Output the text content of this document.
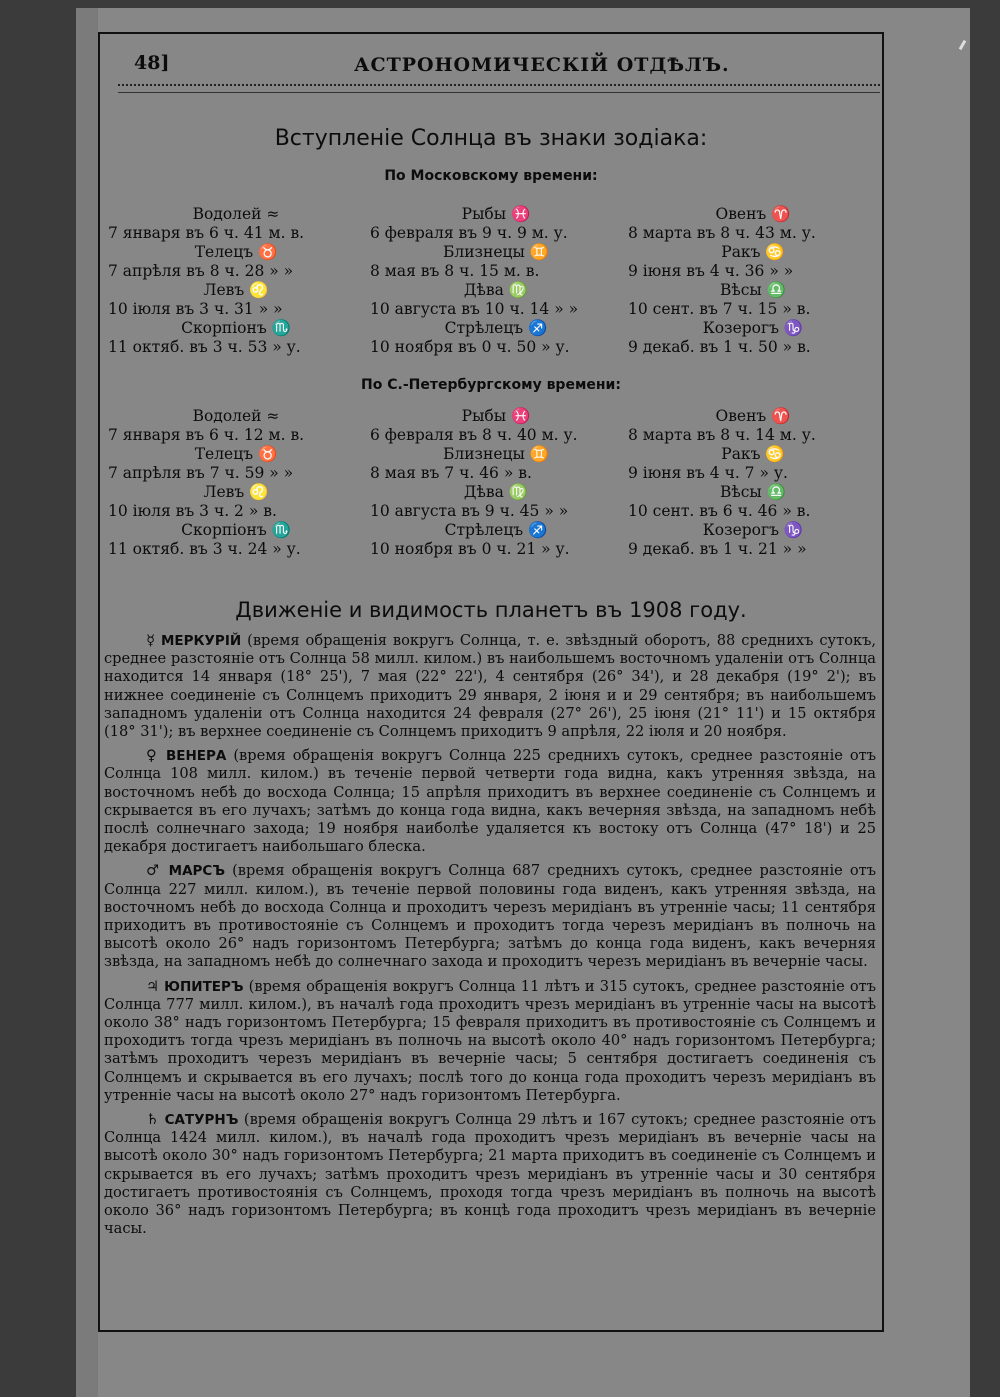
48]	АСТРОНОМИЧЕСКІЙ ОТДѢЛЪ.
Вступленіе Солнца въ знаки зодіака:
По Московскому времени:
Водолей ≈	Рыбы ♓	Овенъ ♈
7 января въ 6 ч. 41 м. в.	6 февраля въ 9 ч. 9 м. у.	8 марта въ 8 ч. 43 м. у.
Телецъ ♉	Близнецы ♊	Ракъ ♋
7 апрѣля въ 8 ч. 28 » »	8 мая въ 8 ч. 15 м. в.	9 іюня въ 4 ч. 36 » »
Левъ ♌	Дѣва ♍	Вѣсы ♎
10 іюля въ 3 ч. 31 » »	10 августа въ 10 ч. 14 » »	10 сент. въ 7 ч. 15 » в.
Скорпіонъ ♏	Стрѣлецъ ♐	Козерогъ ♑
11 октяб. въ 3 ч. 53 » у.	10 ноября въ 0 ч. 50 » у.	9 декаб. въ 1 ч. 50 » в.
По С.-Петербургскому времени:
Водолей ≈	Рыбы ♓	Овенъ ♈
7 января въ 6 ч. 12 м. в.	6 февраля въ 8 ч. 40 м. у.	8 марта въ 8 ч. 14 м. у.
Телецъ ♉	Близнецы ♊	Ракъ ♋
7 апрѣля въ 7 ч. 59 » »	8 мая въ 7 ч. 46 » в.	9 іюня въ 4 ч. 7 » у.
Левъ ♌	Дѣва ♍	Вѣсы ♎
10 іюля въ 3 ч. 2 » в.	10 августа въ 9 ч. 45 » »	10 сент. въ 6 ч. 46 » в.
Скорпіонъ ♏	Стрѣлецъ ♐	Козерогъ ♑
11 октяб. въ 3 ч. 24 » у.	10 ноября въ 0 ч. 21 » у.	9 декаб. въ 1 ч. 21 » »
Движеніе и видимость планетъ въ 1908 году.

☿ МЕРКУРІЙ (время обращенія вокругъ Солнца, т. е. звѣздный оборотъ, 88 среднихъ сутокъ, среднее разстояніе отъ Солнца 58 милл. килом.) въ наибольшемъ восточномъ удаленіи отъ Солнца находится 14 января (18° 25'), 7 мая (22° 22'), 4 сентября (26° 34'), и 28 декабря (19° 2'); въ нижнее соединеніе съ Солнцемъ приходитъ 29 января, 2 іюня и и 29 сентября; въ наибольшемъ западномъ удаленіи отъ Солнца находится 24 февраля (27° 26'), 25 іюня (21° 11') и 15 октября (18° 31'); въ верхнее соединеніе съ Солнцемъ приходитъ 9 апрѣля, 22 іюля и 20 ноября.

♀ ВЕНЕРА (время обращенія вокругъ Солнца 225 среднихъ сутокъ, среднее разстояніе отъ Солнца 108 милл. килом.) въ теченіе первой четверти года видна, какъ утренняя звѣзда, на восточномъ небѣ до восхода Солнца; 15 апрѣля приходитъ въ верхнее соединеніе съ Солнцемъ и скрывается въ его лучахъ; затѣмъ до конца года видна, какъ вечерняя звѣзда, на западномъ небѣ послѣ солнечнаго захода; 19 ноября наиболѣе удаляется къ востоку отъ Солнца (47° 18') и 25 декабря достигаетъ наибольшаго блеска.

♂ МАРСЪ (время обращенія вокругъ Солнца 687 среднихъ сутокъ, среднее разстояніе отъ Солнца 227 милл. килом.), въ теченіе первой половины года виденъ, какъ утренняя звѣзда, на восточномъ небѣ до восхода Солнца и проходитъ черезъ меридіанъ въ утренніе часы; 11 сентября приходитъ въ противостояніе съ Солнцемъ и проходитъ тогда черезъ меридіанъ въ полночь на высотѣ около 26° надъ горизонтомъ Петербурга; затѣмъ до конца года виденъ, какъ вечерняя звѣзда, на западномъ небѣ до солнечнаго захода и проходитъ черезъ меридіанъ въ вечерніе часы.

♃ ЮПИТЕРЪ (время обращенія вокругъ Солнца 11 лѣтъ и 315 сутокъ, среднее разстояніе отъ Солнца 777 милл. килом.), въ началѣ года проходитъ чрезъ меридіанъ въ утренніе часы на высотѣ около 38° надъ горизонтомъ Петербурга; 15 февраля приходитъ въ противостояніе съ Солнцемъ и проходитъ тогда чрезъ меридіанъ въ полночь на высотѣ около 40° надъ горизонтомъ Петербурга; затѣмъ проходитъ черезъ меридіанъ въ вечерніе часы; 5 сентября достигаетъ соединенія съ Солнцемъ и скрывается въ его лучахъ; послѣ того до конца года проходитъ черезъ меридіанъ въ утренніе часы на высотѣ около 27° надъ горизонтомъ Петербурга.

♄ САТУРНЪ (время обращенія вокругъ Солнца 29 лѣтъ и 167 сутокъ; среднее разстояніе отъ Солнца 1424 милл. килом.), въ началѣ года проходитъ чрезъ меридіанъ въ вечерніе часы на высотѣ около 30° надъ горизонтомъ Петербурга; 21 марта приходитъ въ соединеніе съ Солнцемъ и скрывается въ его лучахъ; затѣмъ проходитъ чрезъ меридіанъ въ утренніе часы и 30 сентября достигаетъ противостоянія съ Солнцемъ, проходя тогда чрезъ меридіанъ въ полночь на высотѣ около 36° надъ горизонтомъ Петербурга; въ концѣ года проходитъ чрезъ меридіанъ въ вечерніе часы.
